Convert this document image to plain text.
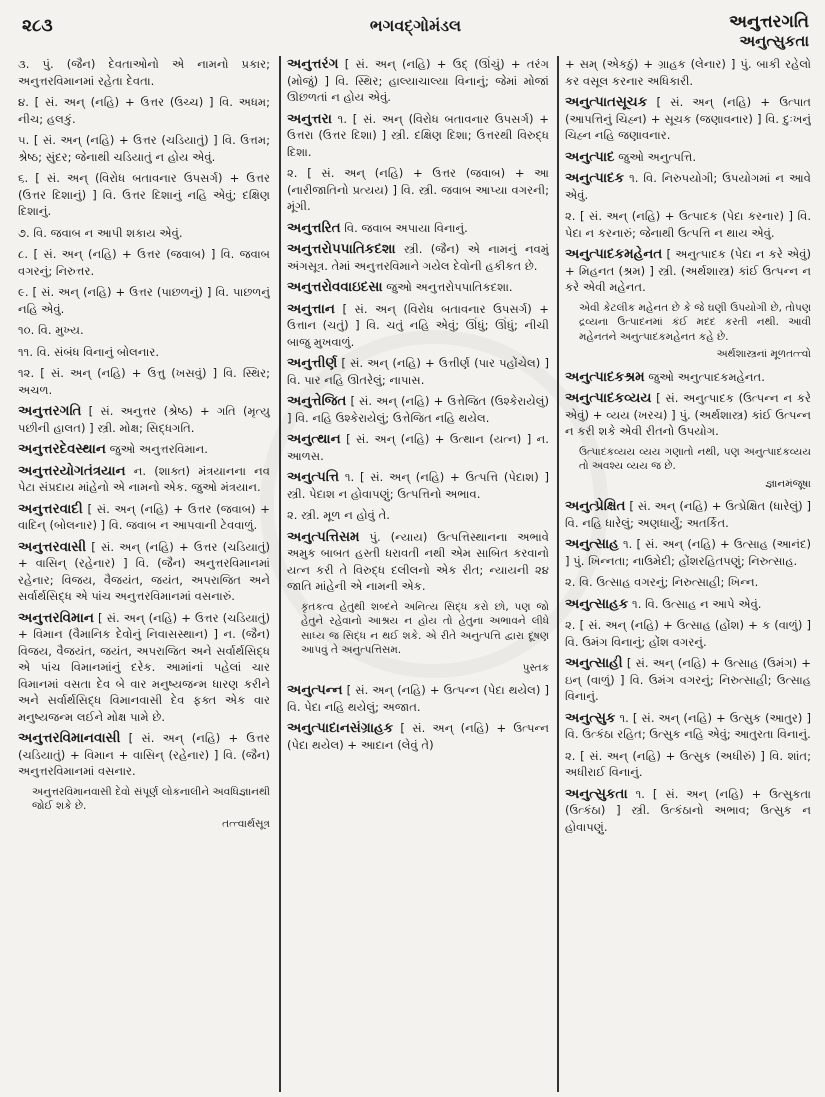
૨૮૩	ભગવદ્ગોમંડલ	અનુત્તરગતિ
અનુત્સુકતા
૩. પું. (જૈન) દેવતાઓનો એ નામનો પ્રકાર; અનુત્તરવિમાનમાં રહેતા દેવતા.
૪. [ સં. અન્ (નહિ) + ઉત્તર (ઉચ્ચ) ] વિ. અધમ; નીચ; હલકું.
૫. [ સં. અન્ (નહિ) + ઉત્તર (ચડિયાતું) ] વિ. ઉત્તમ; શ્રેષ્ઠ; સુંદર; જેનાથી ચડિયાતું ન હોય એવું.
૬. [ સં. અન્ (વિરોધ બતાવનાર ઉપસર્ગ) + ઉત્તર (ઉત્તર દિશાનું) ] વિ. ઉત્તર દિશાનું નહિ એવું; દક્ષિણ દિશાનું.
૭. વિ. જવાબ ન આપી શકાય એવું.
૮. [ સં. અન્ (નહિ) + ઉત્તર (જવાબ) ] વિ. જવાબ વગરનું; નિરુત્તર.
૯. [ સં. અન્ (નહિ) + ઉત્તર (પાછળનું) ] વિ. પાછળનું નહિ એવું.
૧૦. વિ. મુખ્ય.
૧૧. વિ. સંબંધ વિનાનું બોલનાર.
૧૨. [ સં. અન્ (નહિ) + ઉત્તુ (ખસવું) ] વિ. સ્થિર; અચળ.
અનુત્તરગતિ [ સં. અનુત્તર (શ્રેષ્ઠ) + ગતિ (મૃત્યુ પછીની હાલત) ] સ્ત્રી. મોક્ષ; સિદ્ધગતિ.
અનુત્તરદેવસ્થાન જુઓ અનુત્તરવિમાન.
અનુત્તરયોગતંત્રયાન ન. (શાક્ત) મંત્રયાનના નવ પેટા સંપ્રદાય માંહેનો એ નામનો એક. જુઓ મંત્રયાન.
અનુત્તરવાદી [ સં. અન્ (નહિ) + ઉત્તર (જવાબ) + વાદિન્ (બોલનાર) ] વિ. જવાબ ન આપવાની ટેવવાળું.
અનુત્તરવાસી [ સં. અન્ (નહિ) + ઉત્તર (ચડિયાતું) + વાસિન્ (રહેનાર) ] વિ. (જૈન) અનુત્તરવિમાનમાં રહેનાર; વિજય, વૈજયંત, જયંત, અપરાજિત અને સર્વાર્થસિદ્ધ એ પાંચ અનુત્તરવિમાનમાં વસનારું.
અનુત્તરવિમાન [ સં. અન્ (નહિ) + ઉત્તર (ચડિયાતું) + વિમાન (વૈમાનિક દેવોનું નિવાસસ્થાન) ] ન. (જૈન) વિજય, વૈજયંત, જયંત, અપરાજિત અને સર્વાર્થસિદ્ધ એ પાંચ વિમાનમાંનું દરેક. આમાંનાં પહેલાં ચાર વિમાનમાં વસતા દેવ બે વાર મનુષ્યજન્મ ધારણ કરીને અને સર્વાર્થસિદ્ધ વિમાનવાસી દેવ ફક્ત એક વાર મનુષ્યજન્મ લઈને મોક્ષ પામે છે.
અનુત્તરવિમાનવાસી [ સં. અન્ (નહિ) + ઉત્તર (ચડિયાતું) + વિમાન + વાસિન્ (રહેનાર) ] વિ. (જૈન) અનુત્તરવિમાનમાં વસનાર.
અનુત્તરવિમાનવાસી દેવો સંપૂર્ણ લોકનાલીને અવધિજ્ઞાનથી જોઈ શકે છે.
તત્ત્વાર્થસૂત્ર
અનુત્તરંગ [ સં. અન્ (નહિ) + ઉદ્ (ઊંચું) + તરંગ (મોજું) ] વિ. સ્થિર; હાલ્યાચાલ્યા વિનાનું; જેમાં મોજાં ઊછળતાં ન હોય એવું.
અનુત્તરા ૧. [ સં. અન્ (વિરોધ બતાવનાર ઉપસર્ગ) + ઉત્તરા (ઉત્તર દિશા) ] સ્ત્રી. દક્ષિણ દિશા; ઉત્તરથી વિરુદ્ધ દિશા.
૨. [ સં. અન્ (નહિ) + ઉત્તર (જવાબ) + આ (નારીજાતિનો પ્રત્યય) ] વિ. સ્ત્રી. જવાબ આપ્યા વગરની; મૂંગી.
અનુત્તરિત વિ. જવાબ અપાયા વિનાનું.
અનુત્તરોપપાતિકદશા સ્ત્રી. (જૈન) એ નામનું નવમું અંગસૂત્ર. તેમાં અનુત્તરવિમાને ગયેલ દેવોની હકીકત છે.
અનુત્તરોવવાઇદસા જુઓ અનુત્તરોપપાતિકદશા.
અનુત્તાન [ સં. અન્ (વિરોધ બતાવનાર ઉપસર્ગ) + ઉત્તાન (ચતું) ] વિ. ચતું નહિ એવું; ઊંધું; ઊંધું; નીચી બાજુ મુખવાળું.
અનુત્તીર્ણ [ સં. અન્ (નહિ) + ઉત્તીર્ણ (પાર પહોંચેલ) ] વિ. પાર નહિ ઊતરેલું; નાપાસ.
અનુત્તેજિત [ સં. અન્ (નહિ) + ઉત્તેજિત (ઉશ્કેરાયેલું) ] વિ. નહિ ઉશ્કેરાયેલું; ઉત્તેજિત નહિ થયેલ.
અનુત્થાન [ સં. અન્ (નહિ) + ઉત્થાન (યત્ન) ] ન. આળસ.
અનુત્પત્તિ ૧. [ સં. અન્ (નહિ) + ઉત્પત્તિ (પેદાશ) ] સ્ત્રી. પેદાશ ન હોવાપણું; ઉત્પત્તિનો અભાવ.
૨. સ્ત્રી. મૂળ ન હોવું તે.
અનુત્પત્તિસમ પું. (ન્યાય) ઉત્પત્તિસ્થાનના અભાવે અમુક બાબત હસ્તી ધરાવતી નથી એમ સાબિત કરવાનો યત્ન કરી તે વિરુદ્ધ દલીલનો એક રીત; ન્યાયની ૨૪ જાતિ માંહેની એ નામની એક.
કૃતકત્વ હેતુથી શબ્દને અનિત્ય સિદ્ધ કરો છો, પણ જો હેતુને રહેવાનો આશ્રય ન હોય તો હેતુના અભાવને લીધે સાધ્ય જ સિદ્ધ ન થઈ શકે. એ રીતે અનુત્પત્તિ દ્વારા દૂષણ આપવું તે અનુત્પત્તિસમ.
પુસ્તક
અનુત્પન્ન [ સં. અન્ (નહિ) + ઉત્પન્ન (પેદા થયેલ) ] વિ. પેદા નહિ થયેલું; અજાત.
અનુત્પાદાનસંગ્રાહક [ સં. અન્ (નહિ) + ઉત્પન્ન (પેદા થયેલ) + આદાન (લેવું તે)
+ સમ્ (એકઠું) + ગ્રાહક (લેનાર) ] પું. બાકી રહેલો કર વસૂલ કરનાર અધિકારી.
અનુત્પાતસૂચક [ સં. અન્ (નહિ) + ઉત્પાત (આપત્તિનું ચિહ્ન) + સૂચક (જણાવનાર) ] વિ. દુઃખનું ચિહ્ન નહિ જણાવનાર.
અનુત્પાદ જુઓ અનુત્પત્તિ.
અનુત્પાદક ૧. વિ. નિરુપયોગી; ઉપયોગમાં ન આવે એવું.
૨. [ સં. અન્ (નહિ) + ઉત્પાદક (પેદા કરનાર) ] વિ. પેદા ન કરનારું; જેનાથી ઉત્પત્તિ ન થાય એવું.
અનુત્પાદકમહેનત [ અનુત્પાદક (પેદા ન કરે એવું) + મિહનત (શ્રમ) ] સ્ત્રી. (અર્થશાસ્ત્ર) કાંઈ ઉત્પન્ન ન કરે એવી મહેનત.
એવી કેટલીક મહેનત છે કે જે ઘણી ઉપયોગી છે, તોપણ દ્રવ્યના ઉત્પાદનમાં કંઈ મદદ કરતી નથી. આવી મહેનતને અનુત્પાદકમહેનત કહે છે.
અર્થશાસ્ત્રનાં મૂળતત્ત્વો
અનુત્પાદકશ્રમ જુઓ અનુત્પાદકમહેનત.
અનુત્પાદકવ્યય [ સં. અનુત્પાદક (ઉત્પન્ન ન કરે એવું) + વ્યય (ખરચ) ] પું. (અર્થશાસ્ત્ર) કાંઈ ઉત્પન્ન ન કરી શકે એવી રીતનો ઉપયોગ.
ઉત્પાદકવ્યય વ્યય ગણાતો નથી, પણ અનુત્પાદકવ્યય તો અવશ્ય વ્યય જ છે.
જ્ઞાનમંજૂષા
અનુત્પ્રેક્ષિત [ સં. અન્ (નહિ) + ઉત્પ્રેક્ષિત (ધારેલું) ] વિ. નહિ ધારેલું; અણધાર્યું; અતર્કિત.
અનુત્સાહ ૧. [ સં. અન્ (નહિ) + ઉત્સાહ (આનંદ) ] પું. ખિન્નતા; નાઉમેદી; હોંશરહિતપણું; નિરુત્સાહ.
૨. વિ. ઉત્સાહ વગરનું; નિરુત્સાહી; ખિન્ન.
અનુત્સાહક ૧. વિ. ઉત્સાહ ન આપે એવું.
૨. [ સં. અન્ (નહિ) + ઉત્સાહ (હોંશ) + ક (વાળું) ] વિ. ઉમંગ વિનાનું; હોંશ વગરનું.
અનુત્સાહી [ સં. અન્ (નહિ) + ઉત્સાહ (ઉમંગ) + ઇન્ (વાળું) ] વિ. ઉમંગ વગરનું; નિરુત્સાહી; ઉત્સાહ વિનાનું.
અનુત્સુક ૧. [ સં. અન્ (નહિ) + ઉત્સુક (આતુર) ] વિ. ઉત્કંઠા રહિત; ઉત્સુક નહિ એવું; આતુરતા વિનાનું.
૨. [ સં. અન્ (નહિ) + ઉત્સુક (અધીરું) ] વિ. શાંત; અધીરાઈ વિનાનું.
અનુત્સુકતા ૧. [ સં. અન્ (નહિ) + ઉત્સુકતા (ઉત્કંઠા) ] સ્ત્રી. ઉત્કંઠાનો અભાવ; ઉત્સુક ન હોવાપણું.
